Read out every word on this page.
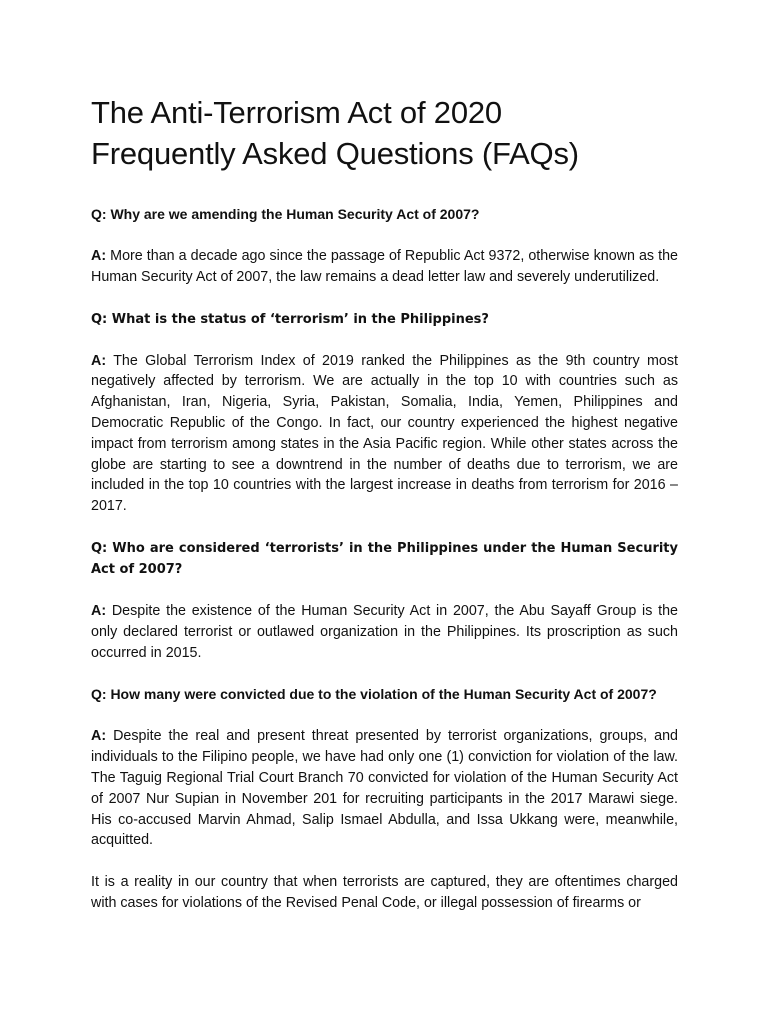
The Anti-Terrorism Act of 2020
Frequently Asked Questions (FAQs)

Q: Why are we amending the Human Security Act of 2007?

A: More than a decade ago since the passage of Republic Act 9372, otherwise known as the Human Security Act of 2007, the law remains a dead letter law and severely underutilized.

Q: What is the status of ‘terrorism’ in the Philippines?

A: The Global Terrorism Index of 2019 ranked the Philippines as the 9th country most negatively affected by terrorism. We are actually in the top 10 with countries such as Afghanistan, Iran, Nigeria, Syria, Pakistan, Somalia, India, Yemen, Philippines and Democratic Republic of the Congo. In fact, our country experienced the highest negative impact from terrorism among states in the Asia Pacific region. While other states across the globe are starting to see a downtrend in the number of deaths due to terrorism, we are included in the top 10 countries with the largest increase in deaths from terrorism for 2016 – 2017.

Q: Who are considered ‘terrorists’ in the Philippines under the Human Security Act of 2007?

A: Despite the existence of the Human Security Act in 2007, the Abu Sayaff Group is the only declared terrorist or outlawed organization in the Philippines. Its proscription as such occurred in 2015.

Q: How many were convicted due to the violation of the Human Security Act of 2007?

A: Despite the real and present threat presented by terrorist organizations, groups, and individuals to the Filipino people, we have had only one (1) conviction for violation of the law. The Taguig Regional Trial Court Branch 70 convicted for violation of the Human Security Act of 2007 Nur Supian in November 201 for recruiting participants in the 2017 Marawi siege. His co-accused Marvin Ahmad, Salip Ismael Abdulla, and Issa Ukkang were, meanwhile, acquitted.

It is a reality in our country that when terrorists are captured, they are oftentimes charged with cases for violations of the Revised Penal Code, or illegal possession of firearms or
